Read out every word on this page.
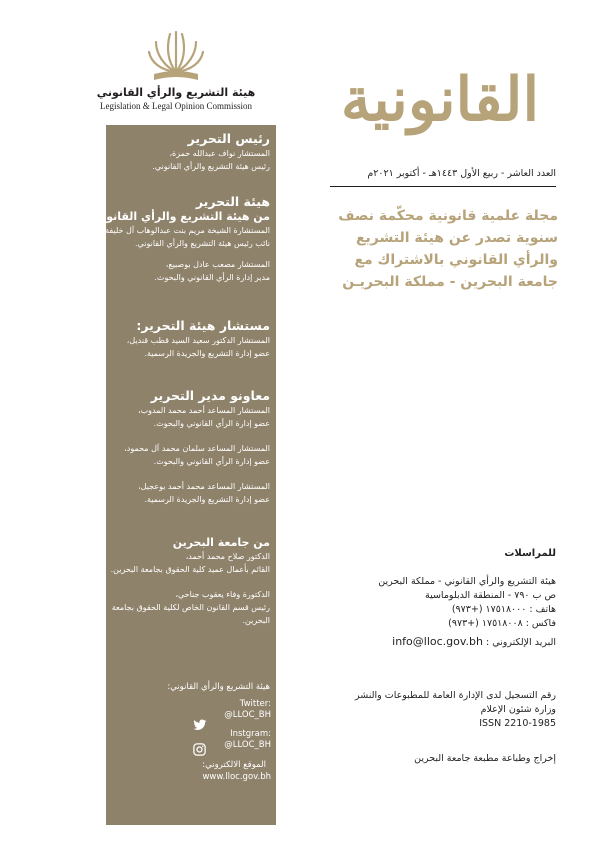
هيئة التشريع والرأي القانوني
Legislation & Legal Opinion Commission القانونية
العدد العاشر - ربيع الأول ١٤٤٣هـ - أكتوبر ٢٠٢١م
مجلة علمية قانونية محكّمة نصف
سنوية تصدر عن هيئة التشريع
والرأي القانوني بالاشتراك مع
جامعة البحرين - مملكة البحريـن
رئيس التحرير
المستشار نواف عبدالله حمزة،
رئيس هيئة التشريع والرأي القانوني.
هيئة التحرير
من هيئة التشريع والرأي القانوني:
المستشارة الشيخة مريم بنت عبدالوهاب آل خليفة،
نائب رئيس هيئة التشريع والرأي القانوني.
المستشار مصعب عادل بوصبيع،
مدير إدارة الرأي القانوني والبحوث.
مستشار هيئة التحرير:
المستشار الدكتور سعيد السيد قطب قنديل،
عضو إدارة التشريع والجريدة الرسمية.
معاونو مدير التحرير
المستشار المساعد أحمد محمد المدوب،
عضو إدارة الرأي القانوني والبحوث.
المستشار المساعد سلمان محمد آل محمود،
عضو إدارة الرأي القانوني والبحوث.
المستشار المساعد محمد أحمد بوعجيل،
عضو إدارة التشريع والجريدة الرسمية.
من جامعة البحرين
الدكتور صلاح محمد أحمد،
القائم بأعمال عميد كلية الحقوق بجامعة البحرين.
الدكتورة وفاء يعقوب جناحي،
رئيس قسم القانون الخاص لكلية الحقوق بجامعة
البحرين.
هيئة التشريع والرأي القانوني:
Twitter:
@LLOC_BH
Instgram:
@LLOC_BH
الموقع الالكتروني:
www.lloc.gov.bh
للمراسلات
هيئة التشريع والرأي القانوني - مملكة البحرين
ص ب ٧٩٠ - المنطقة الدبلوماسية
هاتف : ١٧٥١٨٠٠٠ (+٩٧٣)
فاكس : ١٧٥١٨٠٠٨ (+٩٧٣)
البريد الإلكتروني : info@lloc.gov.bh
رقم التسجيل لدى الإدارة العامة للمطبوعات والنشر
وزارة شئون الإعلام
ISSN 2210-1985
إخراج وطباعة مطبعة جامعة البحرين
